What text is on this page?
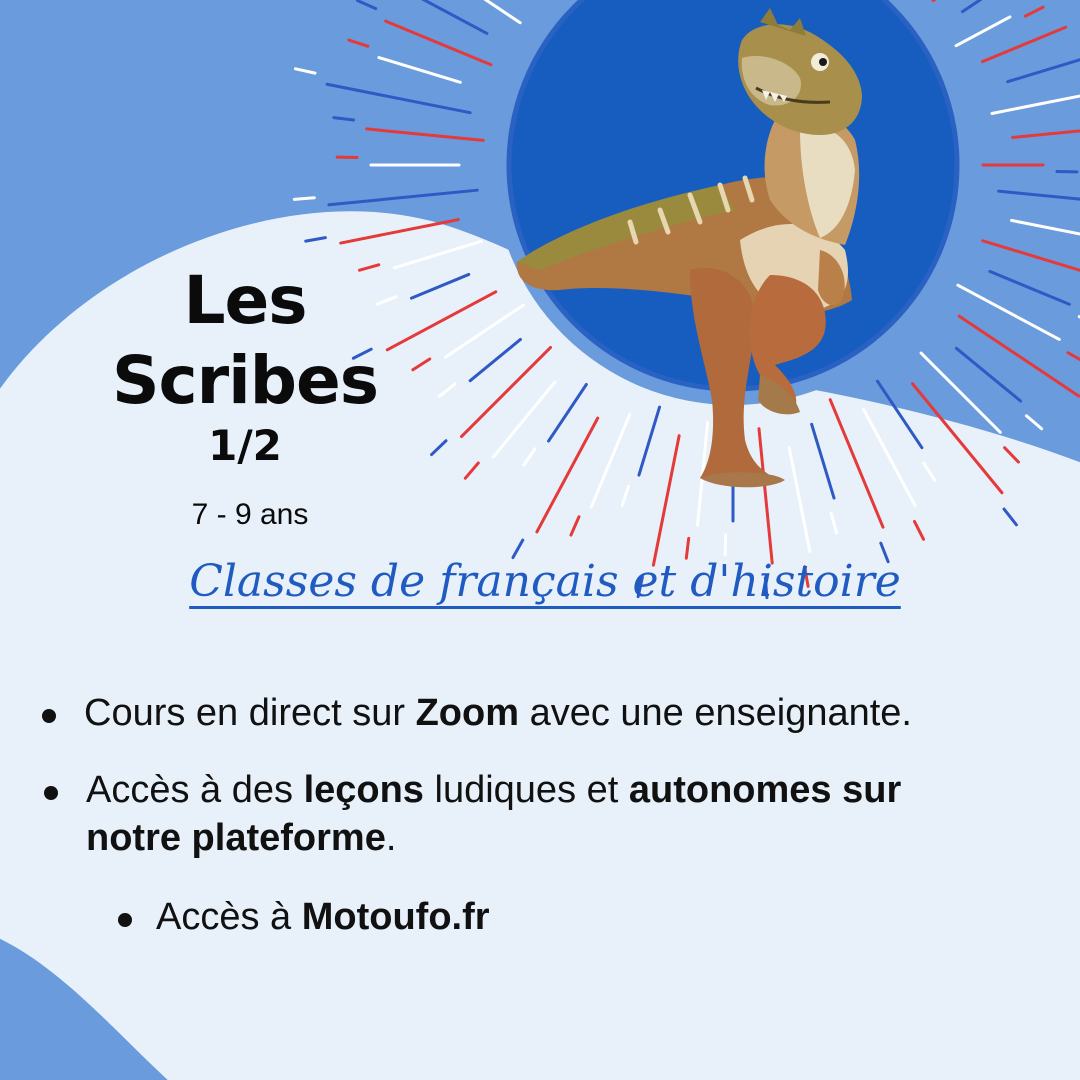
Les
Scribes
1/2
7 - 9 ans
Classes de français et d'histoire
Cours en direct sur Zoom avec une enseignante.
Accès à des leçons ludiques et autonomes sur
notre plateforme.
Accès à Motoufo.fr
